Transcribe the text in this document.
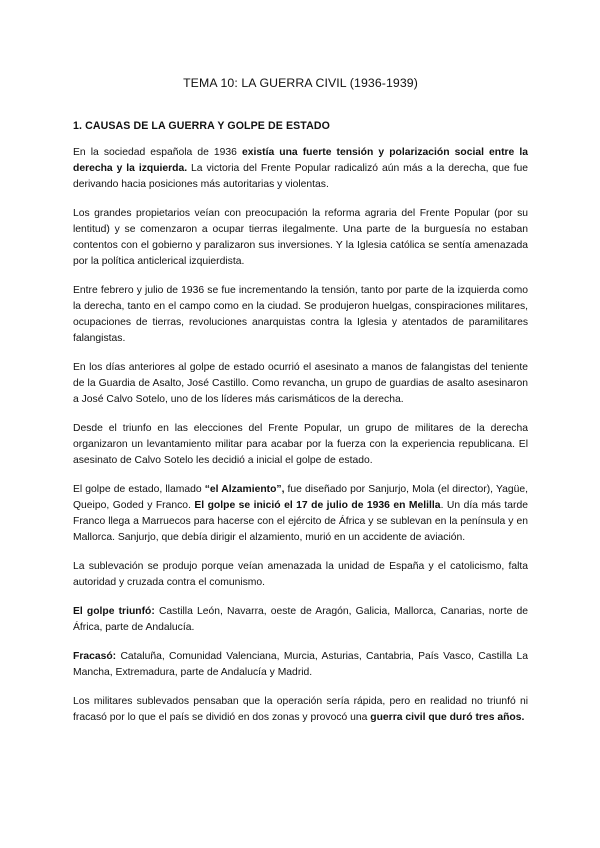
TEMA 10: LA GUERRA CIVIL (1936-1939)
1. CAUSAS DE LA GUERRA Y GOLPE DE ESTADO

En la sociedad española de 1936 existía una fuerte tensión y polarización social entre la derecha y la izquierda. La victoria del Frente Popular radicalizó aún más a la derecha, que fue derivando hacia posiciones más autoritarias y violentas.

Los grandes propietarios veían con preocupación la reforma agraria del Frente Popular (por su lentitud) y se comenzaron a ocupar tierras ilegalmente. Una parte de la burguesía no estaban contentos con el gobierno y paralizaron sus inversiones. Y la Iglesia católica se sentía amenazada por la política anticlerical izquierdista.

Entre febrero y julio de 1936 se fue incrementando la tensión, tanto por parte de la izquierda como la derecha, tanto en el campo como en la ciudad. Se produjeron huelgas, conspiraciones militares, ocupaciones de tierras, revoluciones anarquistas contra la Iglesia y atentados de paramilitares falangistas.

En los días anteriores al golpe de estado ocurrió el asesinato a manos de falangistas del teniente de la Guardia de Asalto, José Castillo. Como revancha, un grupo de guardias de asalto asesinaron a José Calvo Sotelo, uno de los líderes más carismáticos de la derecha.

Desde el triunfo en las elecciones del Frente Popular, un grupo de militares de la derecha organizaron un levantamiento militar para acabar por la fuerza con la experiencia republicana. El asesinato de Calvo Sotelo les decidió a inicial el golpe de estado.

El golpe de estado, llamado “el Alzamiento”, fue diseñado por Sanjurjo, Mola (el director), Yagüe, Queipo, Goded y Franco. El golpe se inició el 17 de julio de 1936 en Melilla. Un día más tarde Franco llega a Marruecos para hacerse con el ejército de África y se sublevan en la península y en Mallorca. Sanjurjo, que debía dirigir el alzamiento, murió en un accidente de aviación.

La sublevación se produjo porque veían amenazada la unidad de España y el catolicismo, falta autoridad y cruzada contra el comunismo.

El golpe triunfó: Castilla León, Navarra, oeste de Aragón, Galicia, Mallorca, Canarias, norte de África, parte de Andalucía.

Fracasó: Cataluña, Comunidad Valenciana, Murcia, Asturias, Cantabria, País Vasco, Castilla La Mancha, Extremadura, parte de Andalucía y Madrid.

Los militares sublevados pensaban que la operación sería rápida, pero en realidad no triunfó ni fracasó por lo que el país se dividió en dos zonas y provocó una guerra civil que duró tres años.
